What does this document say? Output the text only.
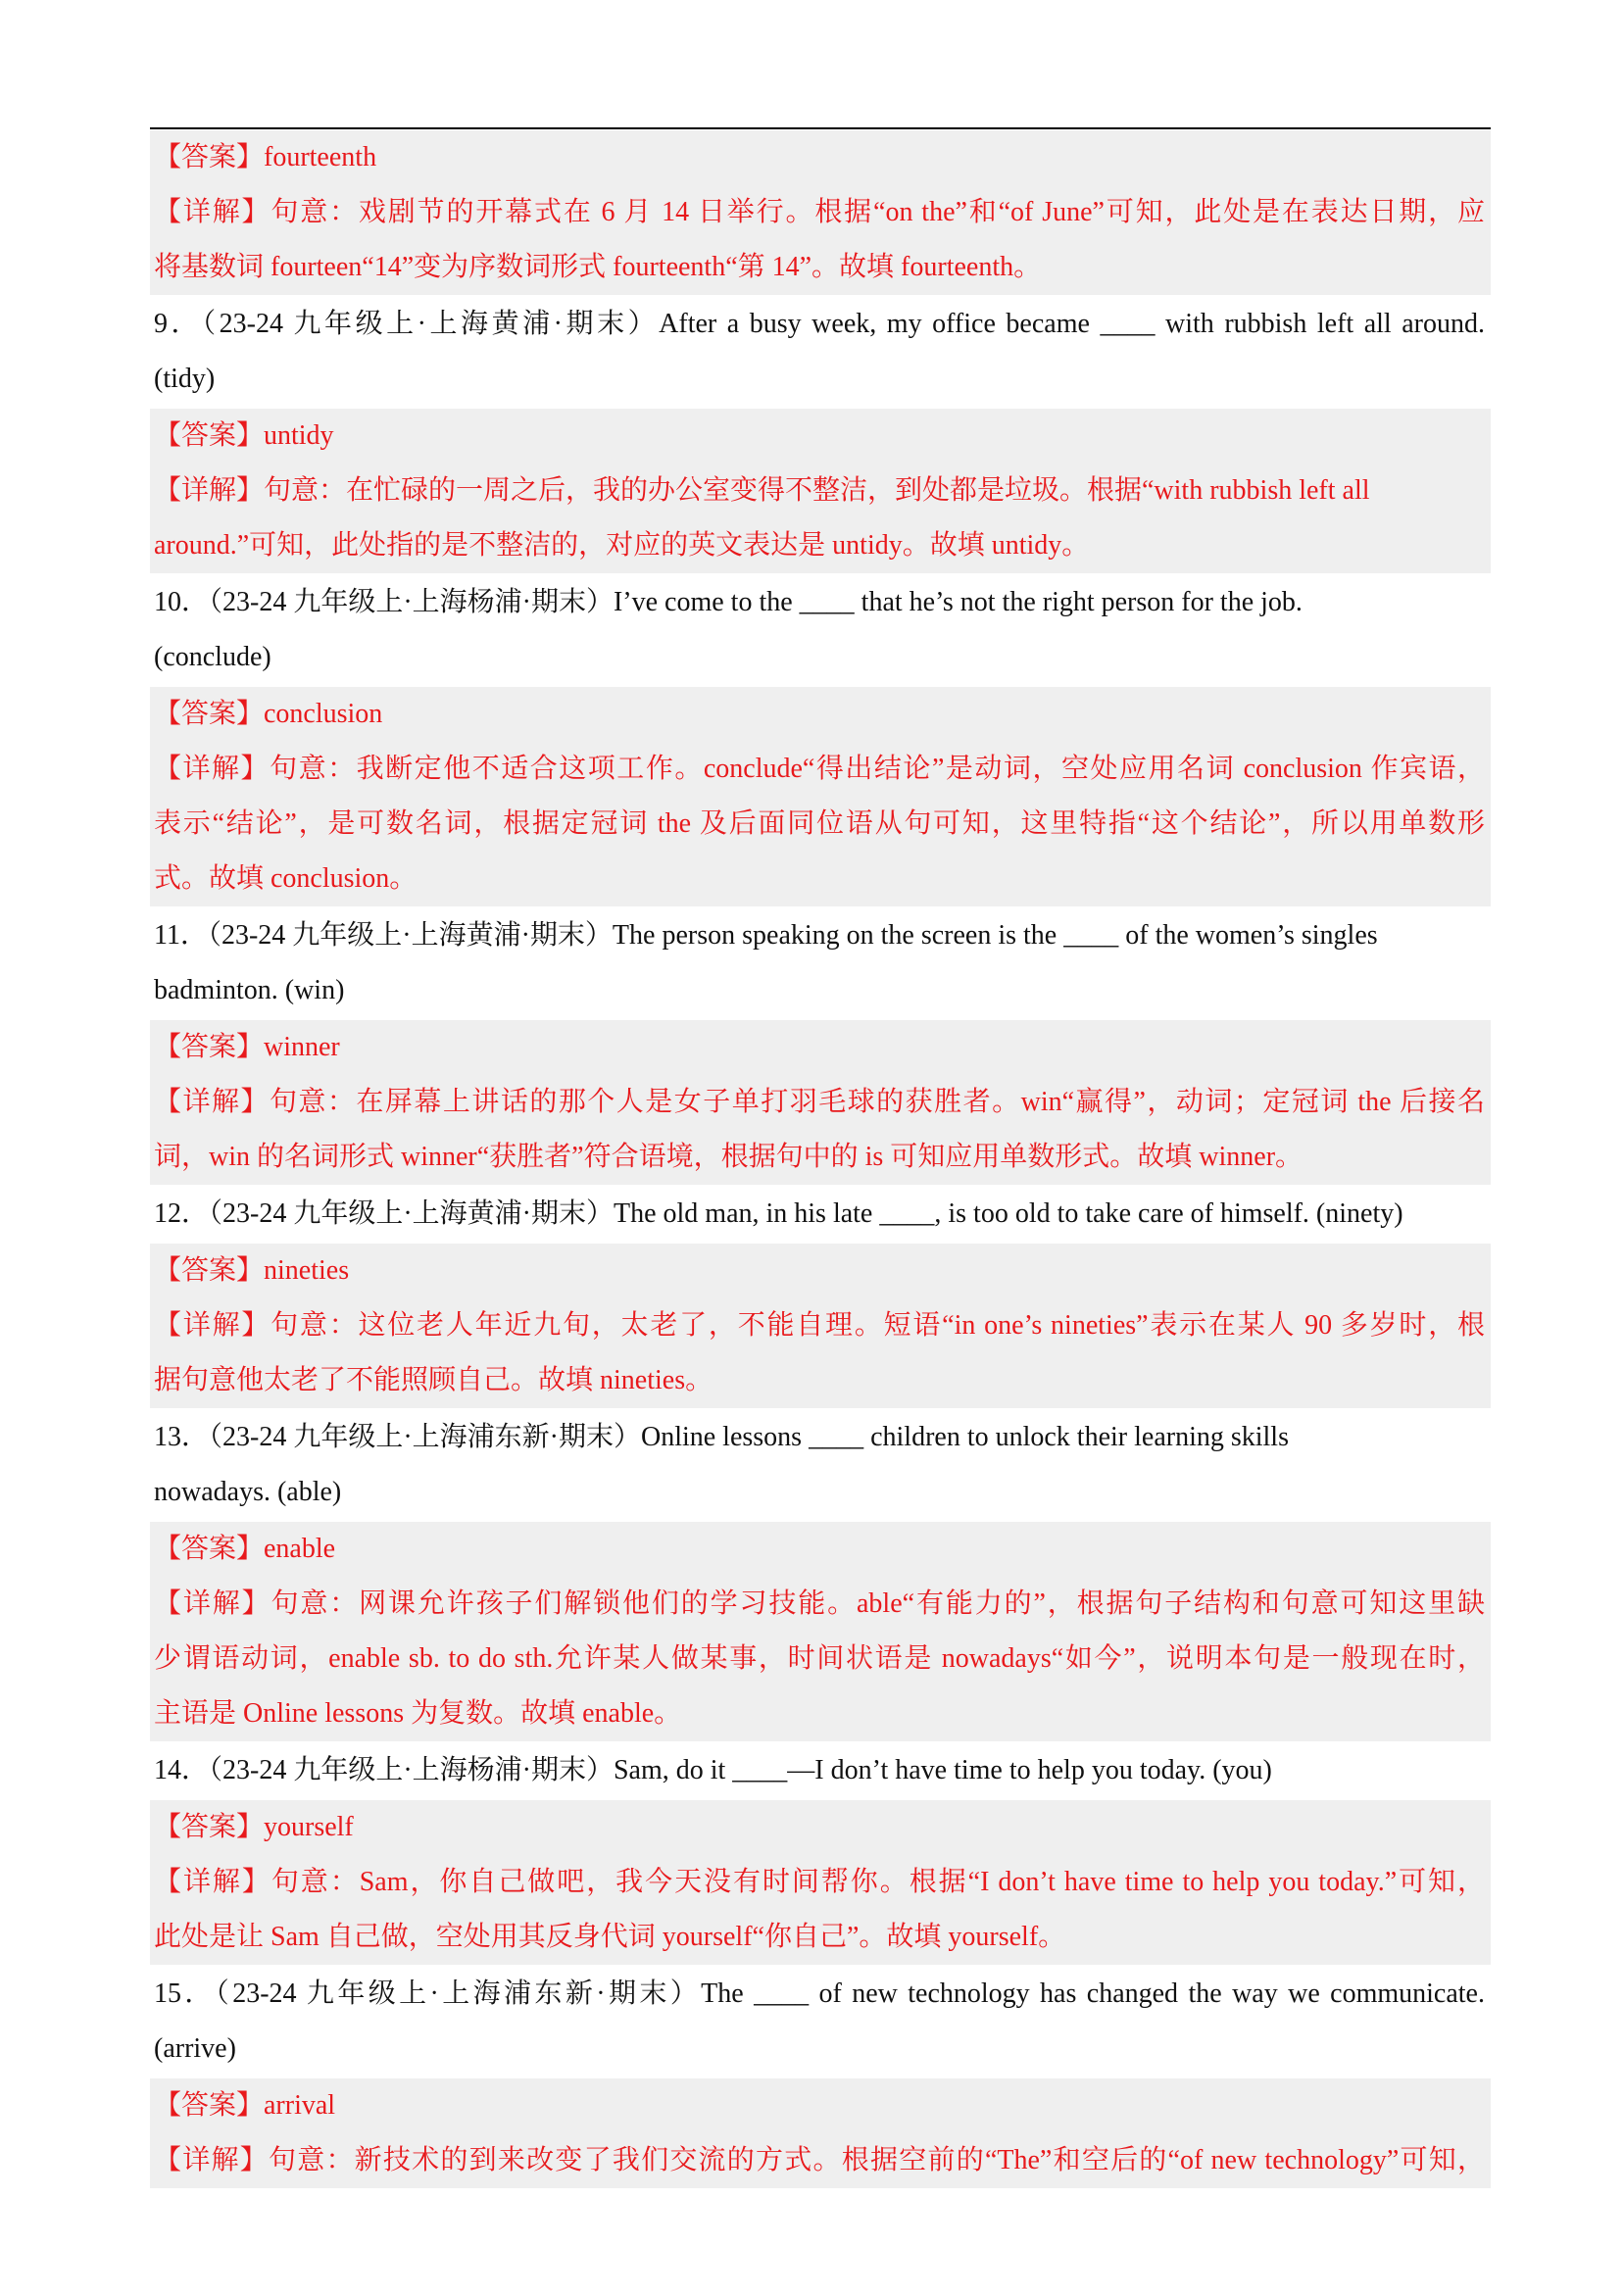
【答案】fourteenth
【详解】句意：戏剧节的开幕式在 6 月 14 日举行。根据“on the”和“of June”可知，此处是在表达日期，应
将基数词 fourteen“14”变为序数词形式 fourteenth“第 14”。故填 fourteenth。
9．（23-24 九年级上·上海黄浦·期末）After a busy week, my office became ____ with rubbish left all around.
(tidy)
【答案】untidy
【详解】句意：在忙碌的一周之后，我的办公室变得不整洁，到处都是垃圾。根据“with rubbish left all
around.”可知，此处指的是不整洁的，对应的英文表达是 untidy。故填 untidy。
10．（23-24 九年级上·上海杨浦·期末）I’ve come to the ____ that he’s not the right person for the job.
(conclude)
【答案】conclusion
【详解】句意：我断定他不适合这项工作。conclude“得出结论”是动词，空处应用名词 conclusion 作宾语，
表示“结论”，是可数名词，根据定冠词 the 及后面同位语从句可知，这里特指“这个结论”，所以用单数形
式。故填 conclusion。
11．（23-24 九年级上·上海黄浦·期末）The person speaking on the screen is the ____ of the women’s singles
badminton. (win)
【答案】winner
【详解】句意：在屏幕上讲话的那个人是女子单打羽毛球的获胜者。win“赢得”，动词；定冠词 the 后接名
词，win 的名词形式 winner“获胜者”符合语境，根据句中的 is 可知应用单数形式。故填 winner。
12．（23-24 九年级上·上海黄浦·期末）The old man, in his late ____, is too old to take care of himself. (ninety)
【答案】nineties
【详解】句意：这位老人年近九旬，太老了，不能自理。短语“in one’s nineties”表示在某人 90 多岁时，根
据句意他太老了不能照顾自己。故填 nineties。
13．（23-24 九年级上·上海浦东新·期末）Online lessons ____ children to unlock their learning skills
nowadays. (able)
【答案】enable
【详解】句意：网课允许孩子们解锁他们的学习技能。able“有能力的”，根据句子结构和句意可知这里缺
少谓语动词，enable sb. to do sth.允许某人做某事，时间状语是 nowadays“如今”，说明本句是一般现在时，
主语是 Online lessons 为复数。故填 enable。
14．（23-24 九年级上·上海杨浦·期末）Sam, do it ____—I don’t have time to help you today. (you)
【答案】yourself
【详解】句意：Sam，你自己做吧，我今天没有时间帮你。根据“I don’t have time to help you today.”可知，
此处是让 Sam 自己做，空处用其反身代词 yourself“你自己”。故填 yourself。
15．（23-24 九年级上·上海浦东新·期末）The ____ of new technology has changed the way we communicate.
(arrive)
【答案】arrival
【详解】句意：新技术的到来改变了我们交流的方式。根据空前的“The”和空后的“of new technology”可知，
